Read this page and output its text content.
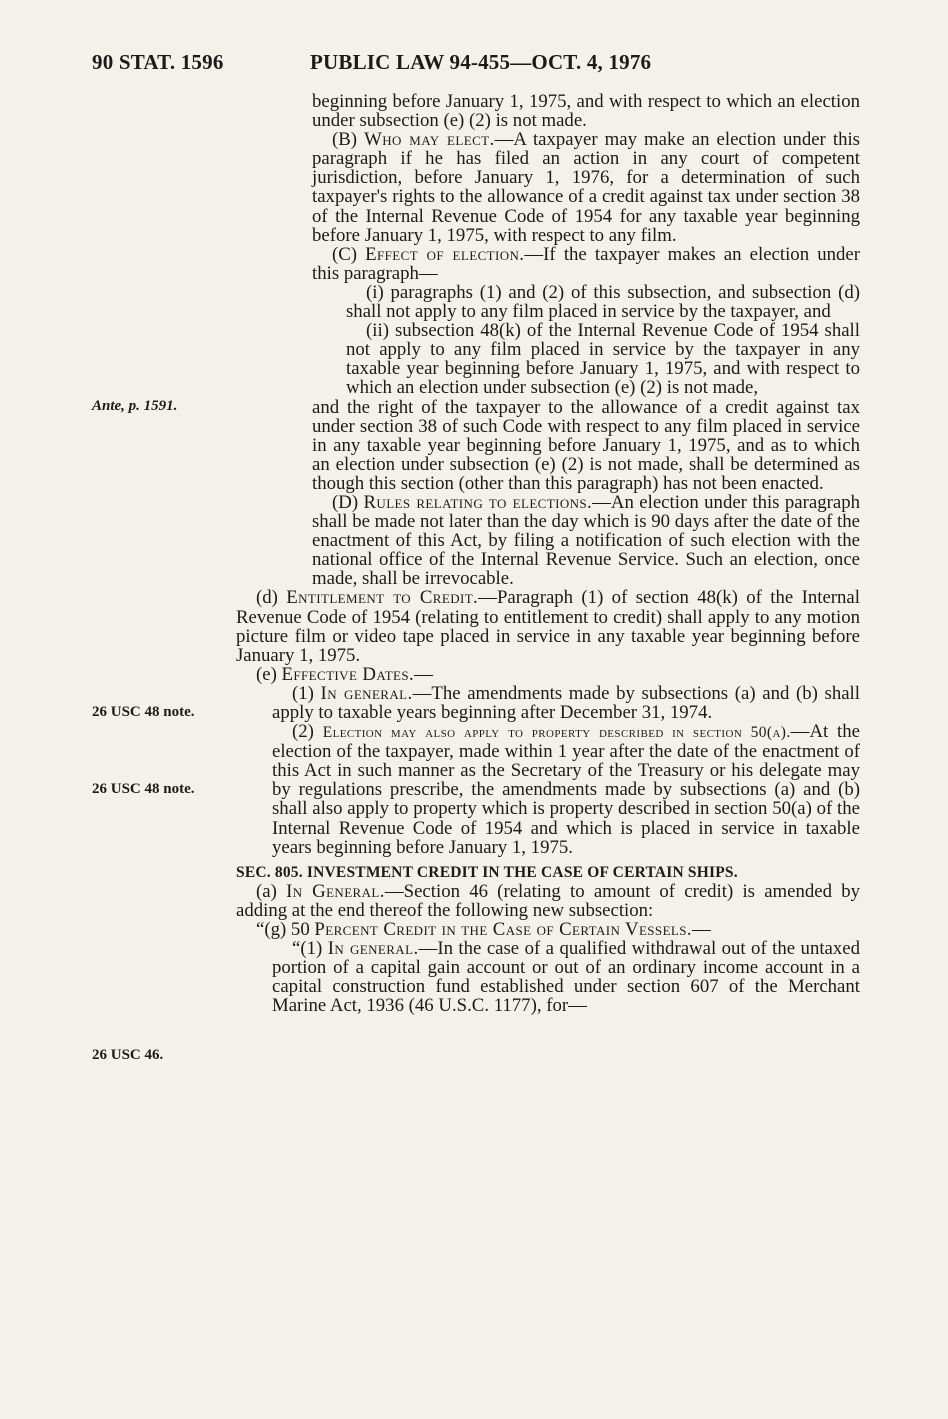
90 STAT. 1596	PUBLIC LAW 94-455—OCT. 4, 1976
Ante, p. 1591.
26 USC 48 note.
26 USC 48 note.
26 USC 46.
beginning before January 1, 1975, and with respect to which an election under subsection (e) (2) is not made.
(B) Who may elect.—A taxpayer may make an election under this paragraph if he has filed an action in any court of competent jurisdiction, before January 1, 1976, for a determination of such taxpayer's rights to the allowance of a credit against tax under section 38 of the Internal Revenue Code of 1954 for any taxable year beginning before January 1, 1975, with respect to any film.
(C) Effect of election.—If the taxpayer makes an election under this paragraph—
(i) paragraphs (1) and (2) of this subsection, and subsection (d) shall not apply to any film placed in service by the taxpayer, and
(ii) subsection 48(k) of the Internal Revenue Code of 1954 shall not apply to any film placed in service by the taxpayer in any taxable year beginning before January 1, 1975, and with respect to which an election under subsection (e) (2) is not made,
and the right of the taxpayer to the allowance of a credit against tax under section 38 of such Code with respect to any film placed in service in any taxable year beginning before January 1, 1975, and as to which an election under subsection (e) (2) is not made, shall be determined as though this section (other than this paragraph) has not been enacted.
(D) Rules relating to elections.—An election under this paragraph shall be made not later than the day which is 90 days after the date of the enactment of this Act, by filing a notification of such election with the national office of the Internal Revenue Service. Such an election, once made, shall be irrevocable.
(d) Entitlement to Credit.—Paragraph (1) of section 48(k) of the Internal Revenue Code of 1954 (relating to entitlement to credit) shall apply to any motion picture film or video tape placed in service in any taxable year beginning before January 1, 1975.
(e) Effective Dates.—
(1) In general.—The amendments made by subsections (a) and (b) shall apply to taxable years beginning after December 31, 1974.
(2) Election may also apply to property described in section 50(a).—At the election of the taxpayer, made within 1 year after the date of the enactment of this Act in such manner as the Secretary of the Treasury or his delegate may by regulations prescribe, the amendments made by subsections (a) and (b) shall also apply to property which is property described in section 50(a) of the Internal Revenue Code of 1954 and which is placed in service in taxable years beginning before January 1, 1975.
SEC. 805. INVESTMENT CREDIT IN THE CASE OF CERTAIN SHIPS.
(a) In General.—Section 46 (relating to amount of credit) is amended by adding at the end thereof the following new subsection:
“(g) 50 Percent Credit in the Case of Certain Vessels.—
“(1) In general.—In the case of a qualified withdrawal out of the untaxed portion of a capital gain account or out of an ordinary income account in a capital construction fund established under section 607 of the Merchant Marine Act, 1936 (46 U.S.C. 1177), for—
